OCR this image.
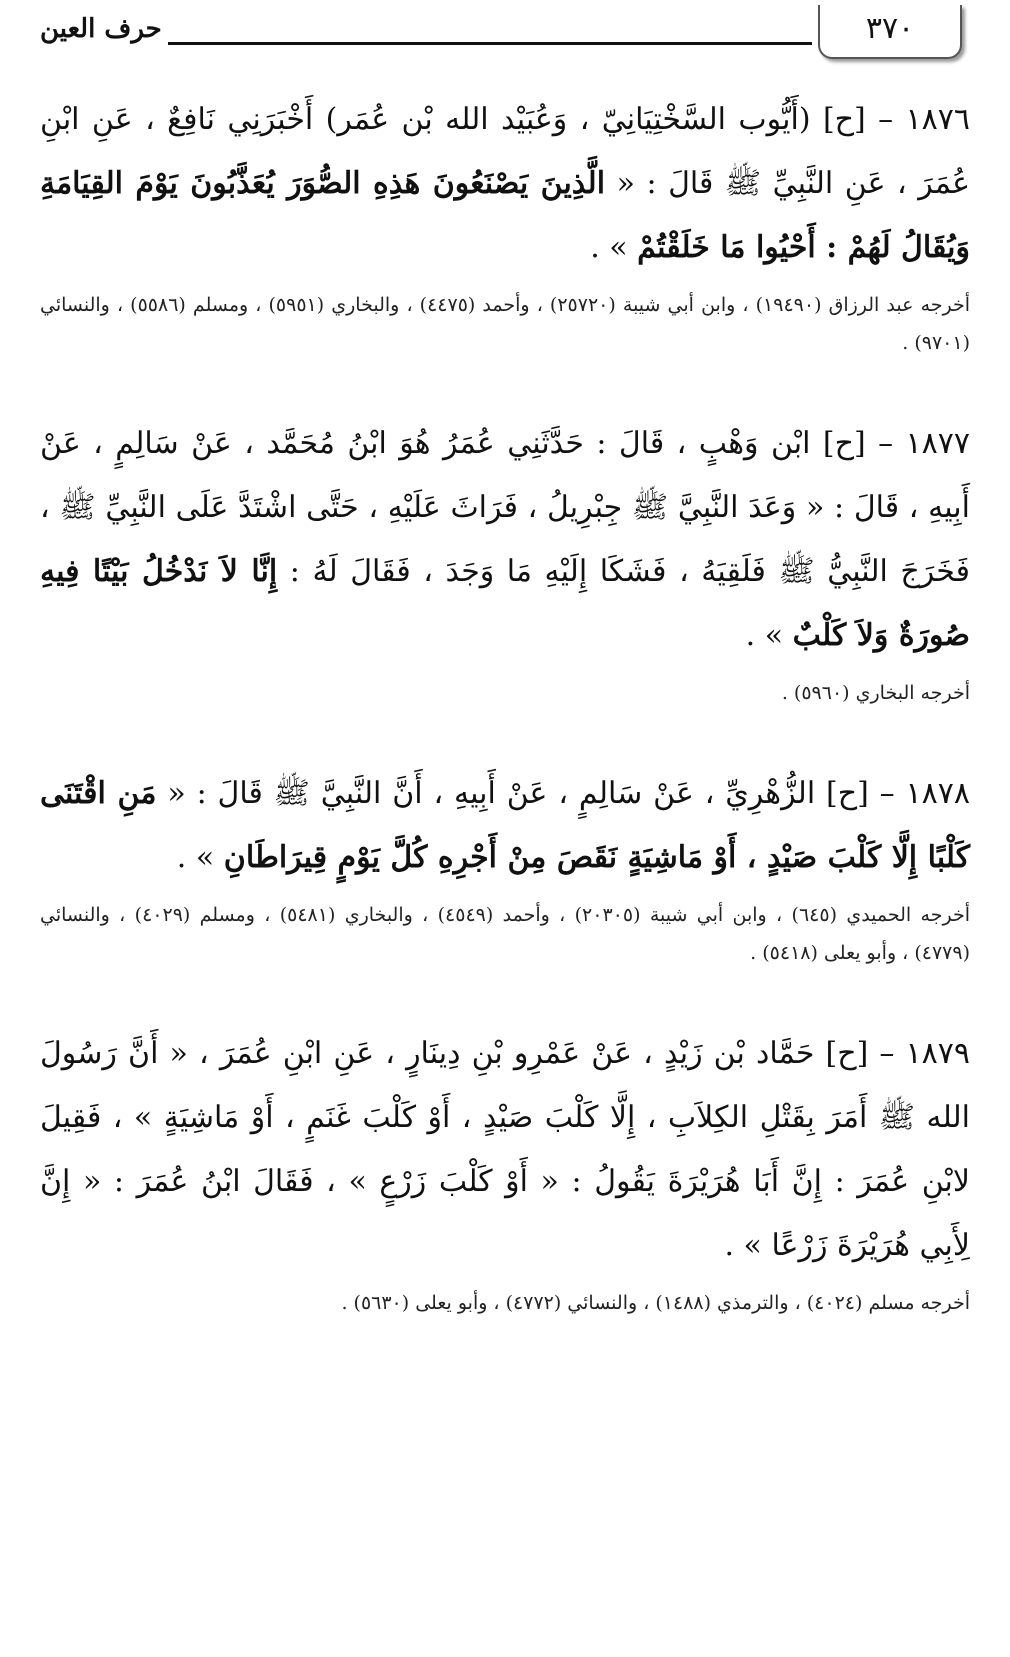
٣٧٠
حرف العين

١٨٧٦ – [ح] (أَيُّوب السَّخْتِيَانِيّ ، وَعُبَيْد الله بْن عُمَر) أَخْبَرَنِي نَافِعٌ ، عَنِ ابْنِ عُمَرَ ، عَنِ النَّبِيِّ ﷺ قَالَ : « الَّذِينَ يَصْنَعُونَ هَذِهِ الصُّوَرَ يُعَذَّبُونَ يَوْمَ القِيَامَةِ وَيُقَالُ لَهُمْ : أَحْيُوا مَا خَلَقْتُمْ » .

أخرجه عبد الرزاق (١٩٤٩٠) ، وابن أبي شيبة (٢٥٧٢٠) ، وأحمد (٤٤٧٥) ، والبخاري (٥٩٥١) ، ومسلم (٥٥٨٦) ، والنسائي (٩٧٠١) .

١٨٧٧ – [ح] ابْن وَهْبٍ ، قَالَ : حَدَّثَنِي عُمَرُ هُوَ ابْنُ مُحَمَّد ، عَنْ سَالِمٍ ، عَنْ أَبِيهِ ، قَالَ : « وَعَدَ النَّبِيَّ ﷺ جِبْرِيلُ ، فَرَاثَ عَلَيْهِ ، حَتَّى اشْتَدَّ عَلَى النَّبِيِّ ﷺ ، فَخَرَجَ النَّبِيُّ ﷺ فَلَقِيَهُ ، فَشَكَا إِلَيْهِ مَا وَجَدَ ، فَقَالَ لَهُ : إِنَّا لاَ نَدْخُلُ بَيْتًا فِيهِ صُورَةٌ وَلاَ كَلْبٌ » .

أخرجه البخاري (٥٩٦٠) .

١٨٧٨ – [ح] الزُّهْرِيِّ ، عَنْ سَالِمٍ ، عَنْ أَبِيهِ ، أَنَّ النَّبِيَّ ﷺ قَالَ : « مَنِ اقْتَنَى كَلْبًا إِلَّا كَلْبَ صَيْدٍ ، أَوْ مَاشِيَةٍ نَقَصَ مِنْ أَجْرِهِ كُلَّ يَوْمٍ قِيرَاطَانِ » .

أخرجه الحميدي (٦٤٥) ، وابن أبي شيبة (٢٠٣٠٥) ، وأحمد (٤٥٤٩) ، والبخاري (٥٤٨١) ، ومسلم (٤٠٢٩) ، والنسائي (٤٧٧٩) ، وأبو يعلى (٥٤١٨) .

١٨٧٩ – [ح] حَمَّاد بْن زَيْدٍ ، عَنْ عَمْرِو بْنِ دِينَارٍ ، عَنِ ابْنِ عُمَرَ ، « أَنَّ رَسُولَ الله ﷺ أَمَرَ بِقَتْلِ الكِلاَبِ ، إِلَّا كَلْبَ صَيْدٍ ، أَوْ كَلْبَ غَنَمٍ ، أَوْ مَاشِيَةٍ » ، فَقِيلَ لابْنِ عُمَرَ : إِنَّ أَبَا هُرَيْرَةَ يَقُولُ : « أَوْ كَلْبَ زَرْعٍ » ، فَقَالَ ابْنُ عُمَرَ : « إِنَّ لِأَبِي هُرَيْرَةَ زَرْعًا » .

أخرجه مسلم (٤٠٢٤) ، والترمذي (١٤٨٨) ، والنسائي (٤٧٧٢) ، وأبو يعلى (٥٦٣٠) .
